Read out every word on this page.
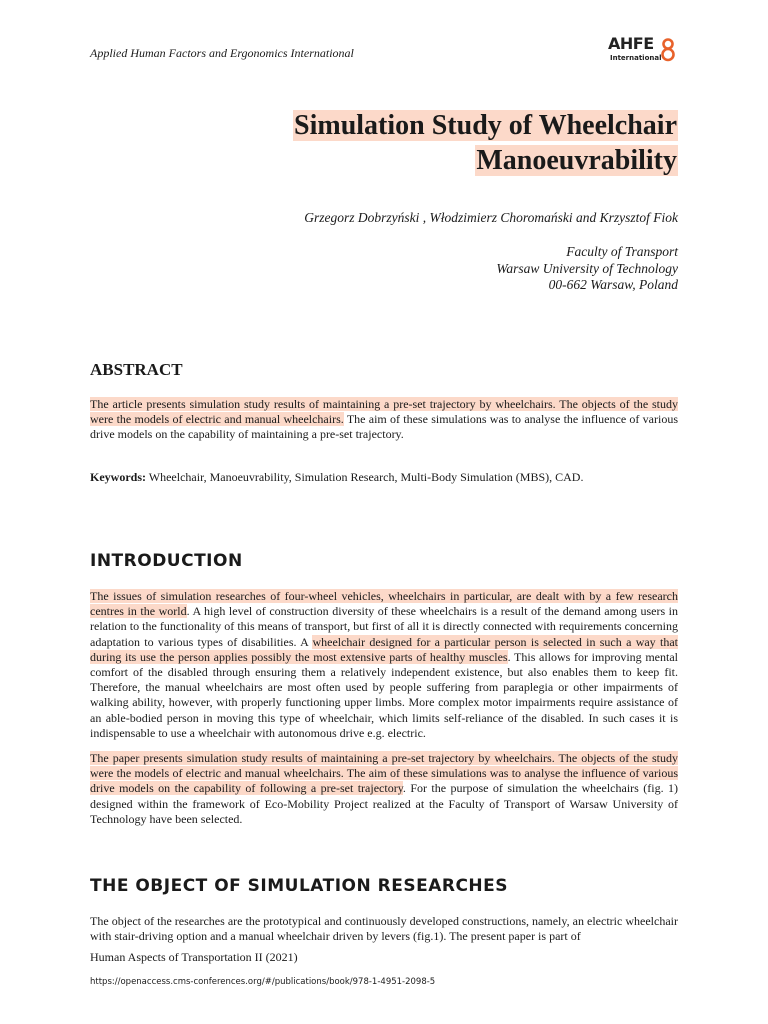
Applied Human Factors and Ergonomics International	AHFE
International
Simulation Study of Wheelchair
Manoeuvrability
Grzegorz Dobrzyński , Włodzimierz Choromański and Krzysztof Fiok
Faculty of Transport
Warsaw University of Technology
00-662 Warsaw, Poland
ABSTRACT
The article presents simulation study results of maintaining a pre-set trajectory by wheelchairs. The objects of the study were the models of electric and manual wheelchairs. The aim of these simulations was to analyse the influence of various drive models on the capability of maintaining a pre-set trajectory.
Keywords: Wheelchair, Manoeuvrability, Simulation Research, Multi-Body Simulation (MBS), CAD.
INTRODUCTION
The issues of simulation researches of four-wheel vehicles, wheelchairs in particular, are dealt with by a few research centres in the world. A high level of construction diversity of these wheelchairs is a result of the demand among users in relation to the functionality of this means of transport, but first of all it is directly connected with requirements concerning adaptation to various types of disabilities. A wheelchair designed for a particular person is selected in such a way that during its use the person applies possibly the most extensive parts of healthy muscles. This allows for improving mental comfort of the disabled through ensuring them a relatively independent existence, but also enables them to keep fit. Therefore, the manual wheelchairs are most often used by people suffering from paraplegia or other impairments of walking ability, however, with properly functioning upper limbs. More complex motor impairments require assistance of an able-bodied person in moving this type of wheelchair, which limits self-reliance of the disabled. In such cases it is indispensable to use a wheelchair with autonomous drive e.g. electric.
The paper presents simulation study results of maintaining a pre-set trajectory by wheelchairs. The objects of the study were the models of electric and manual wheelchairs. The aim of these simulations was to analyse the influence of various drive models on the capability of following a pre-set trajectory. For the purpose of simulation the wheelchairs (fig. 1) designed within the framework of Eco-Mobility Project realized at the Faculty of Transport of Warsaw University of Technology have been selected.
THE OBJECT OF SIMULATION RESEARCHES
The object of the researches are the prototypical and continuously developed constructions, namely, an electric wheelchair with stair-driving option and a manual wheelchair driven by levers (fig.1). The present paper is part of
Human Aspects of Transportation II (2021)
https://openaccess.cms-conferences.org/#/publications/book/978-1-4951-2098-5
